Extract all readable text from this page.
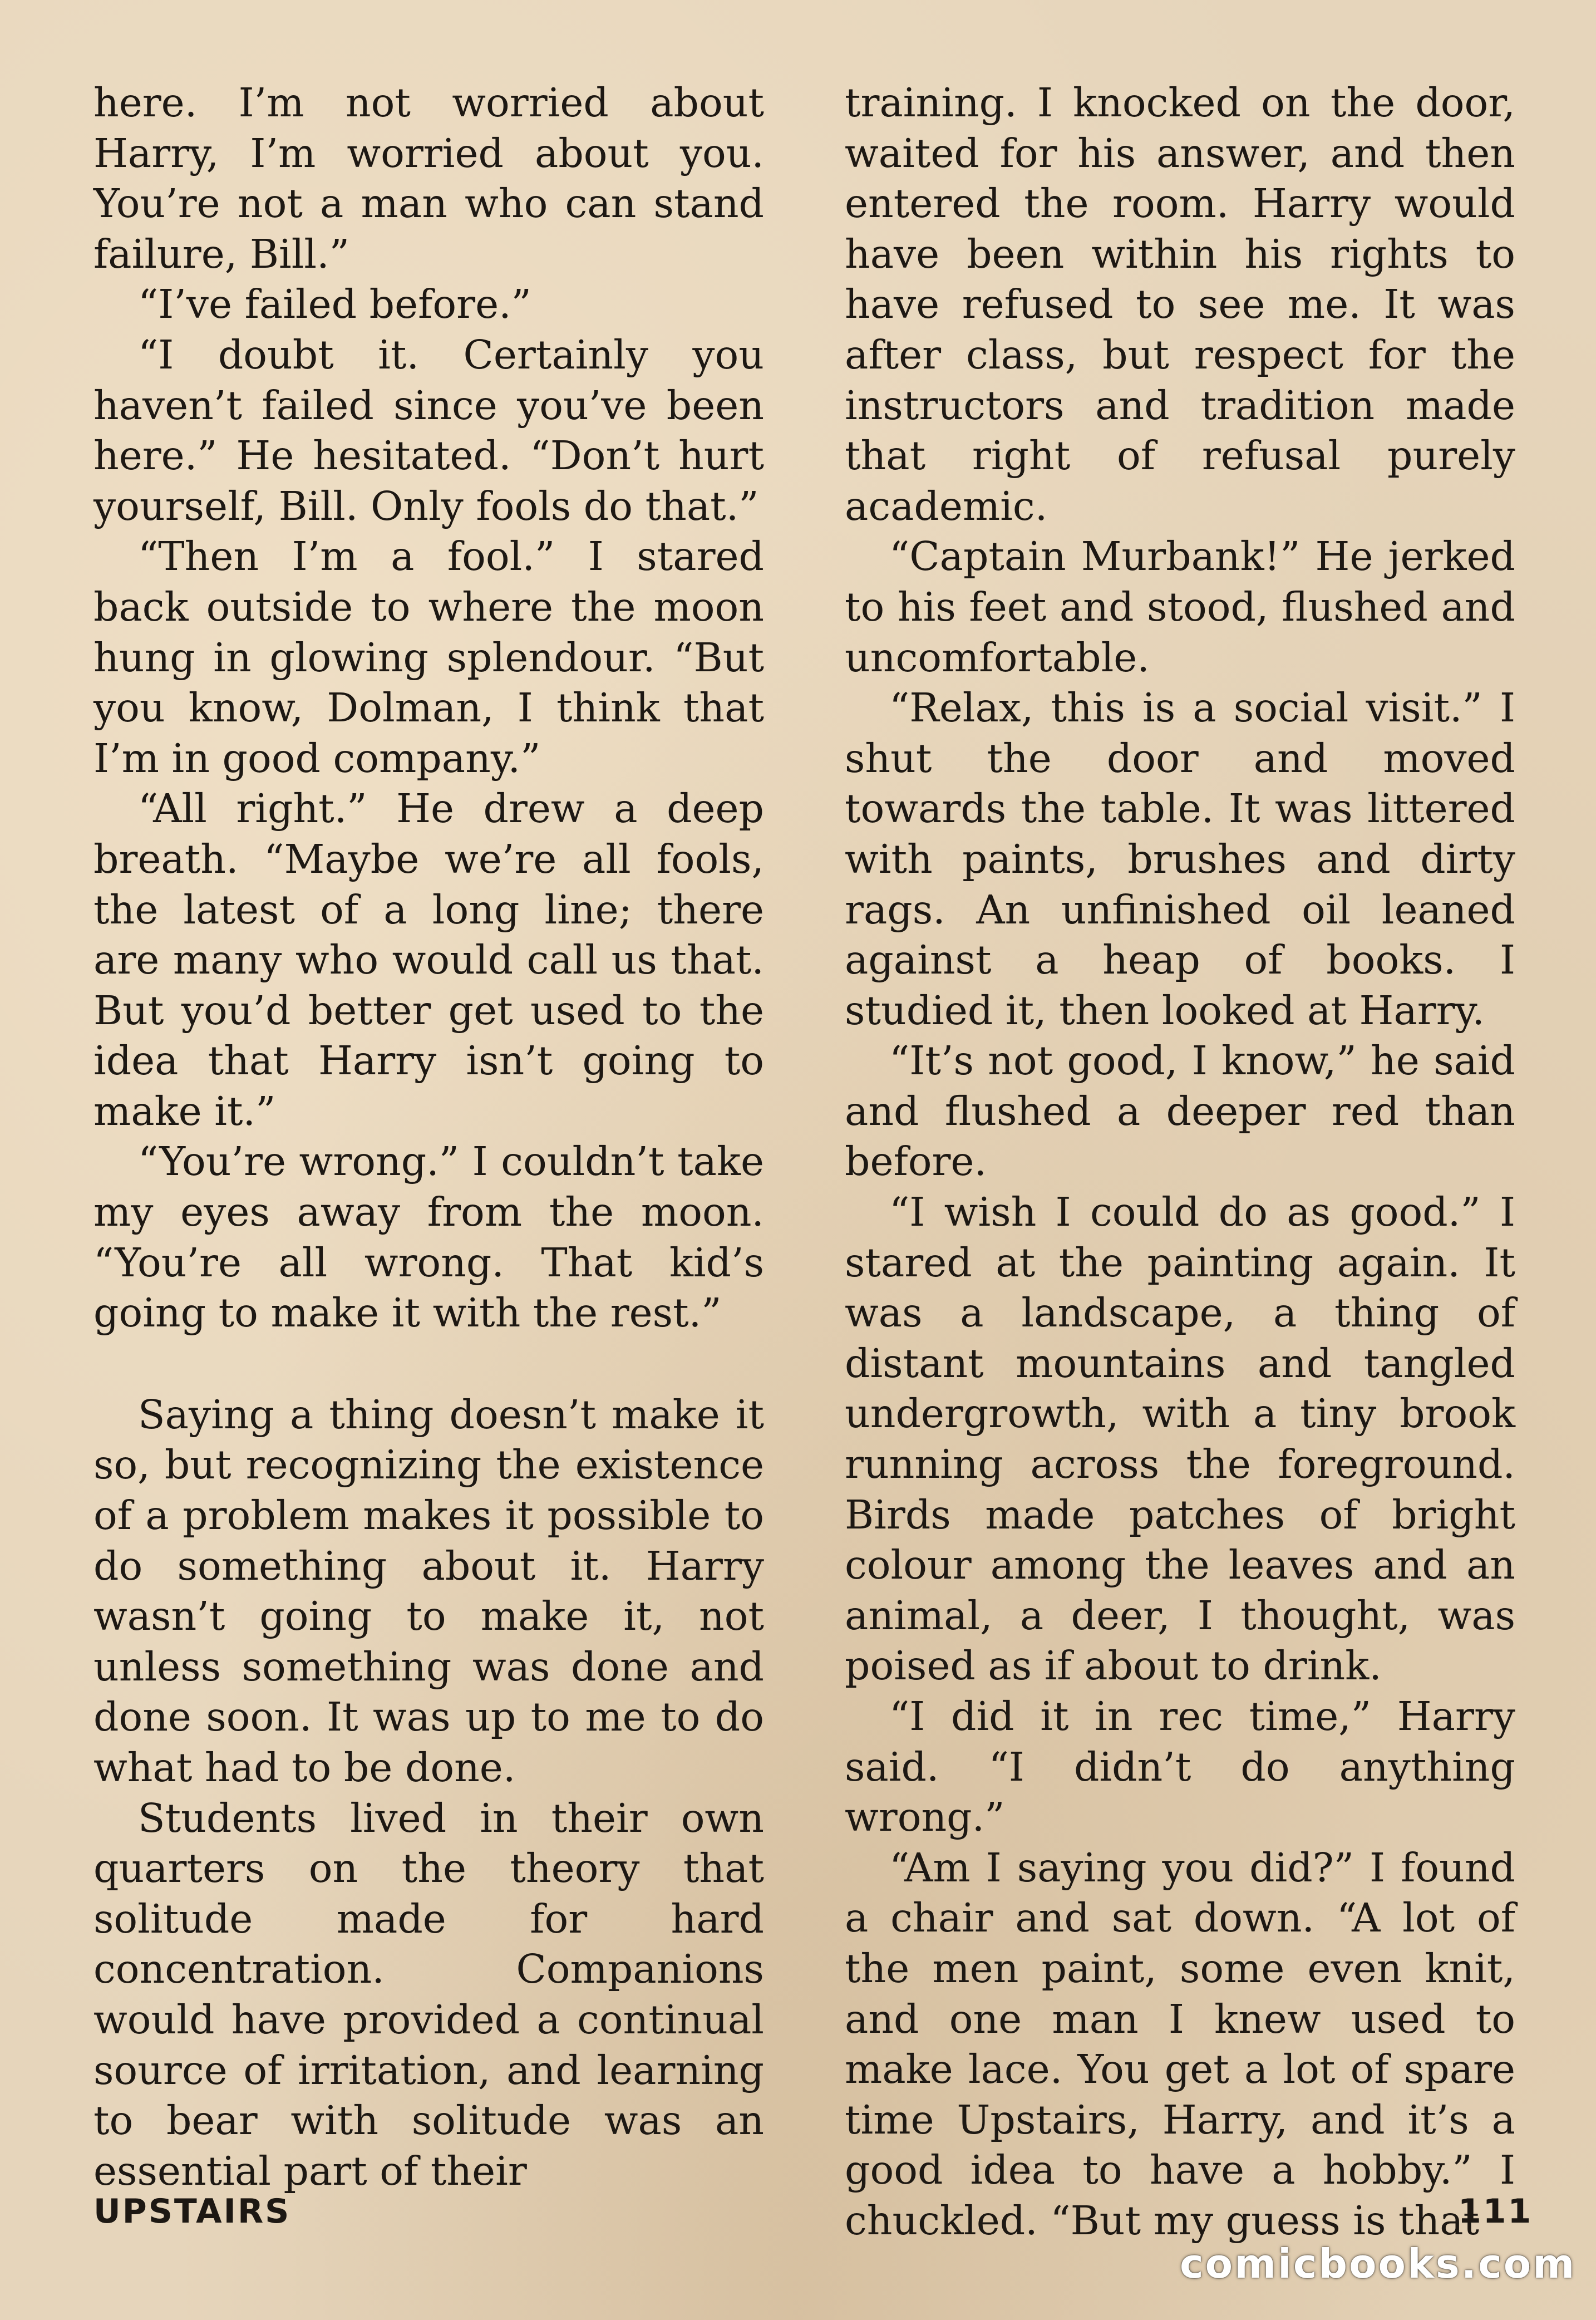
here. I’m not worried about Harry, I’m worried about you. You’re not a man who can stand failure, Bill.”

“I’ve failed before.”

“I doubt it. Certainly you haven’t failed since you’ve been here.” He hesitated. “Don’t hurt yourself, Bill. Only fools do that.”

“Then I’m a fool.” I stared back outside to where the moon hung in glowing splendour. “But you know, Dolman, I think that I’m in good company.”

“All right.” He drew a deep breath. “Maybe we’re all fools, the latest of a long line; there are many who would call us that. But you’d better get used to the idea that Harry isn’t going to make it.”

“You’re wrong.” I couldn’t take my eyes away from the moon. “You’re all wrong. That kid’s going to make it with the rest.”

Saying a thing doesn’t make it so, but recognizing the existence of a problem makes it possible to do something about it. Harry wasn’t going to make it, not unless something was done and done soon. It was up to me to do what had to be done.

Students lived in their own quarters on the theory that solitude made for hard concentration. Companions would have provided a continual source of irritation, and learning to bear with solitude was an essential part of their

training. I knocked on the door, waited for his answer, and then entered the room. Harry would have been within his rights to have refused to see me. It was after class, but respect for the instructors and tradition made that right of refusal purely academic.

“Captain Murbank!” He jerked to his feet and stood, flushed and uncomfortable.

“Relax, this is a social visit.” I shut the door and moved towards the table. It was littered with paints, brushes and dirty rags. An unfinished oil leaned against a heap of books. I studied it, then looked at Harry.

“It’s not good, I know,” he said and flushed a deeper red than before.

“I wish I could do as good.” I stared at the painting again. It was a landscape, a thing of distant mountains and tangled undergrowth, with a tiny brook running across the foreground. Birds made patches of bright colour among the leaves and an animal, a deer, I thought, was poised as if about to drink.

“I did it in rec time,” Harry said. “I didn’t do anything wrong.”

“Am I saying you did?” I found a chair and sat down. “A lot of the men paint, some even knit, and one man I knew used to make lace. You get a lot of spare time Upstairs, Harry, and it’s a good idea to have a hobby.” I chuckled. “But my guess is that

UPSTAIRS	111
comicbooks.com
